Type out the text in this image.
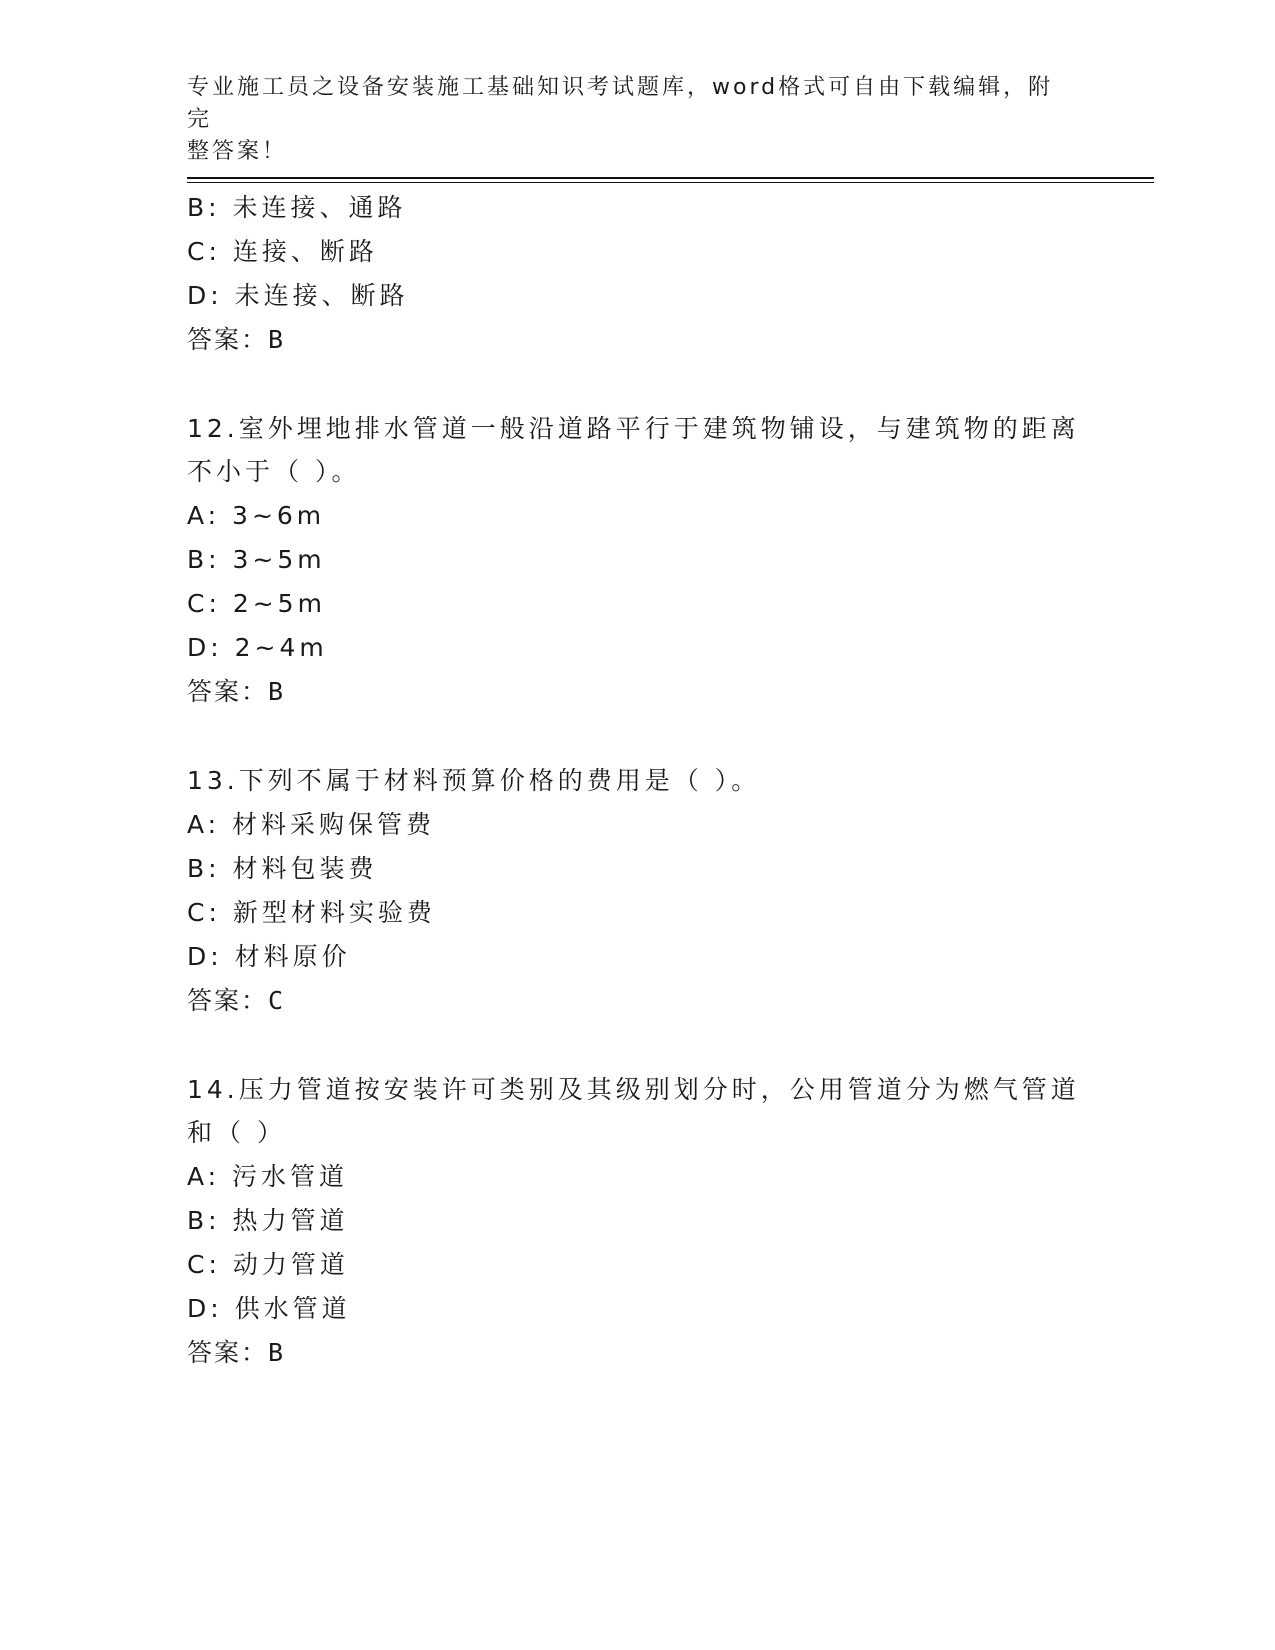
专业施工员之设备安装施工基础知识考试题库，word格式可自由下载编辑，附完
整答案！
B: 未连接、通路
C: 连接、断路
D: 未连接、断路
答案：B
12.室外埋地排水管道一般沿道路平行于建筑物铺设，与建筑物的距离
不小于（ ）。
A: 3~6m
B: 3~5m
C: 2~5m
D: 2~4m
答案：B
13.下列不属于材料预算价格的费用是（ ）。
A: 材料采购保管费
B: 材料包装费
C: 新型材料实验费
D: 材料原价
答案：C
14.压力管道按安装许可类别及其级别划分时，公用管道分为燃气管道
和（ ）
A: 污水管道
B: 热力管道
C: 动力管道
D: 供水管道
答案：B
